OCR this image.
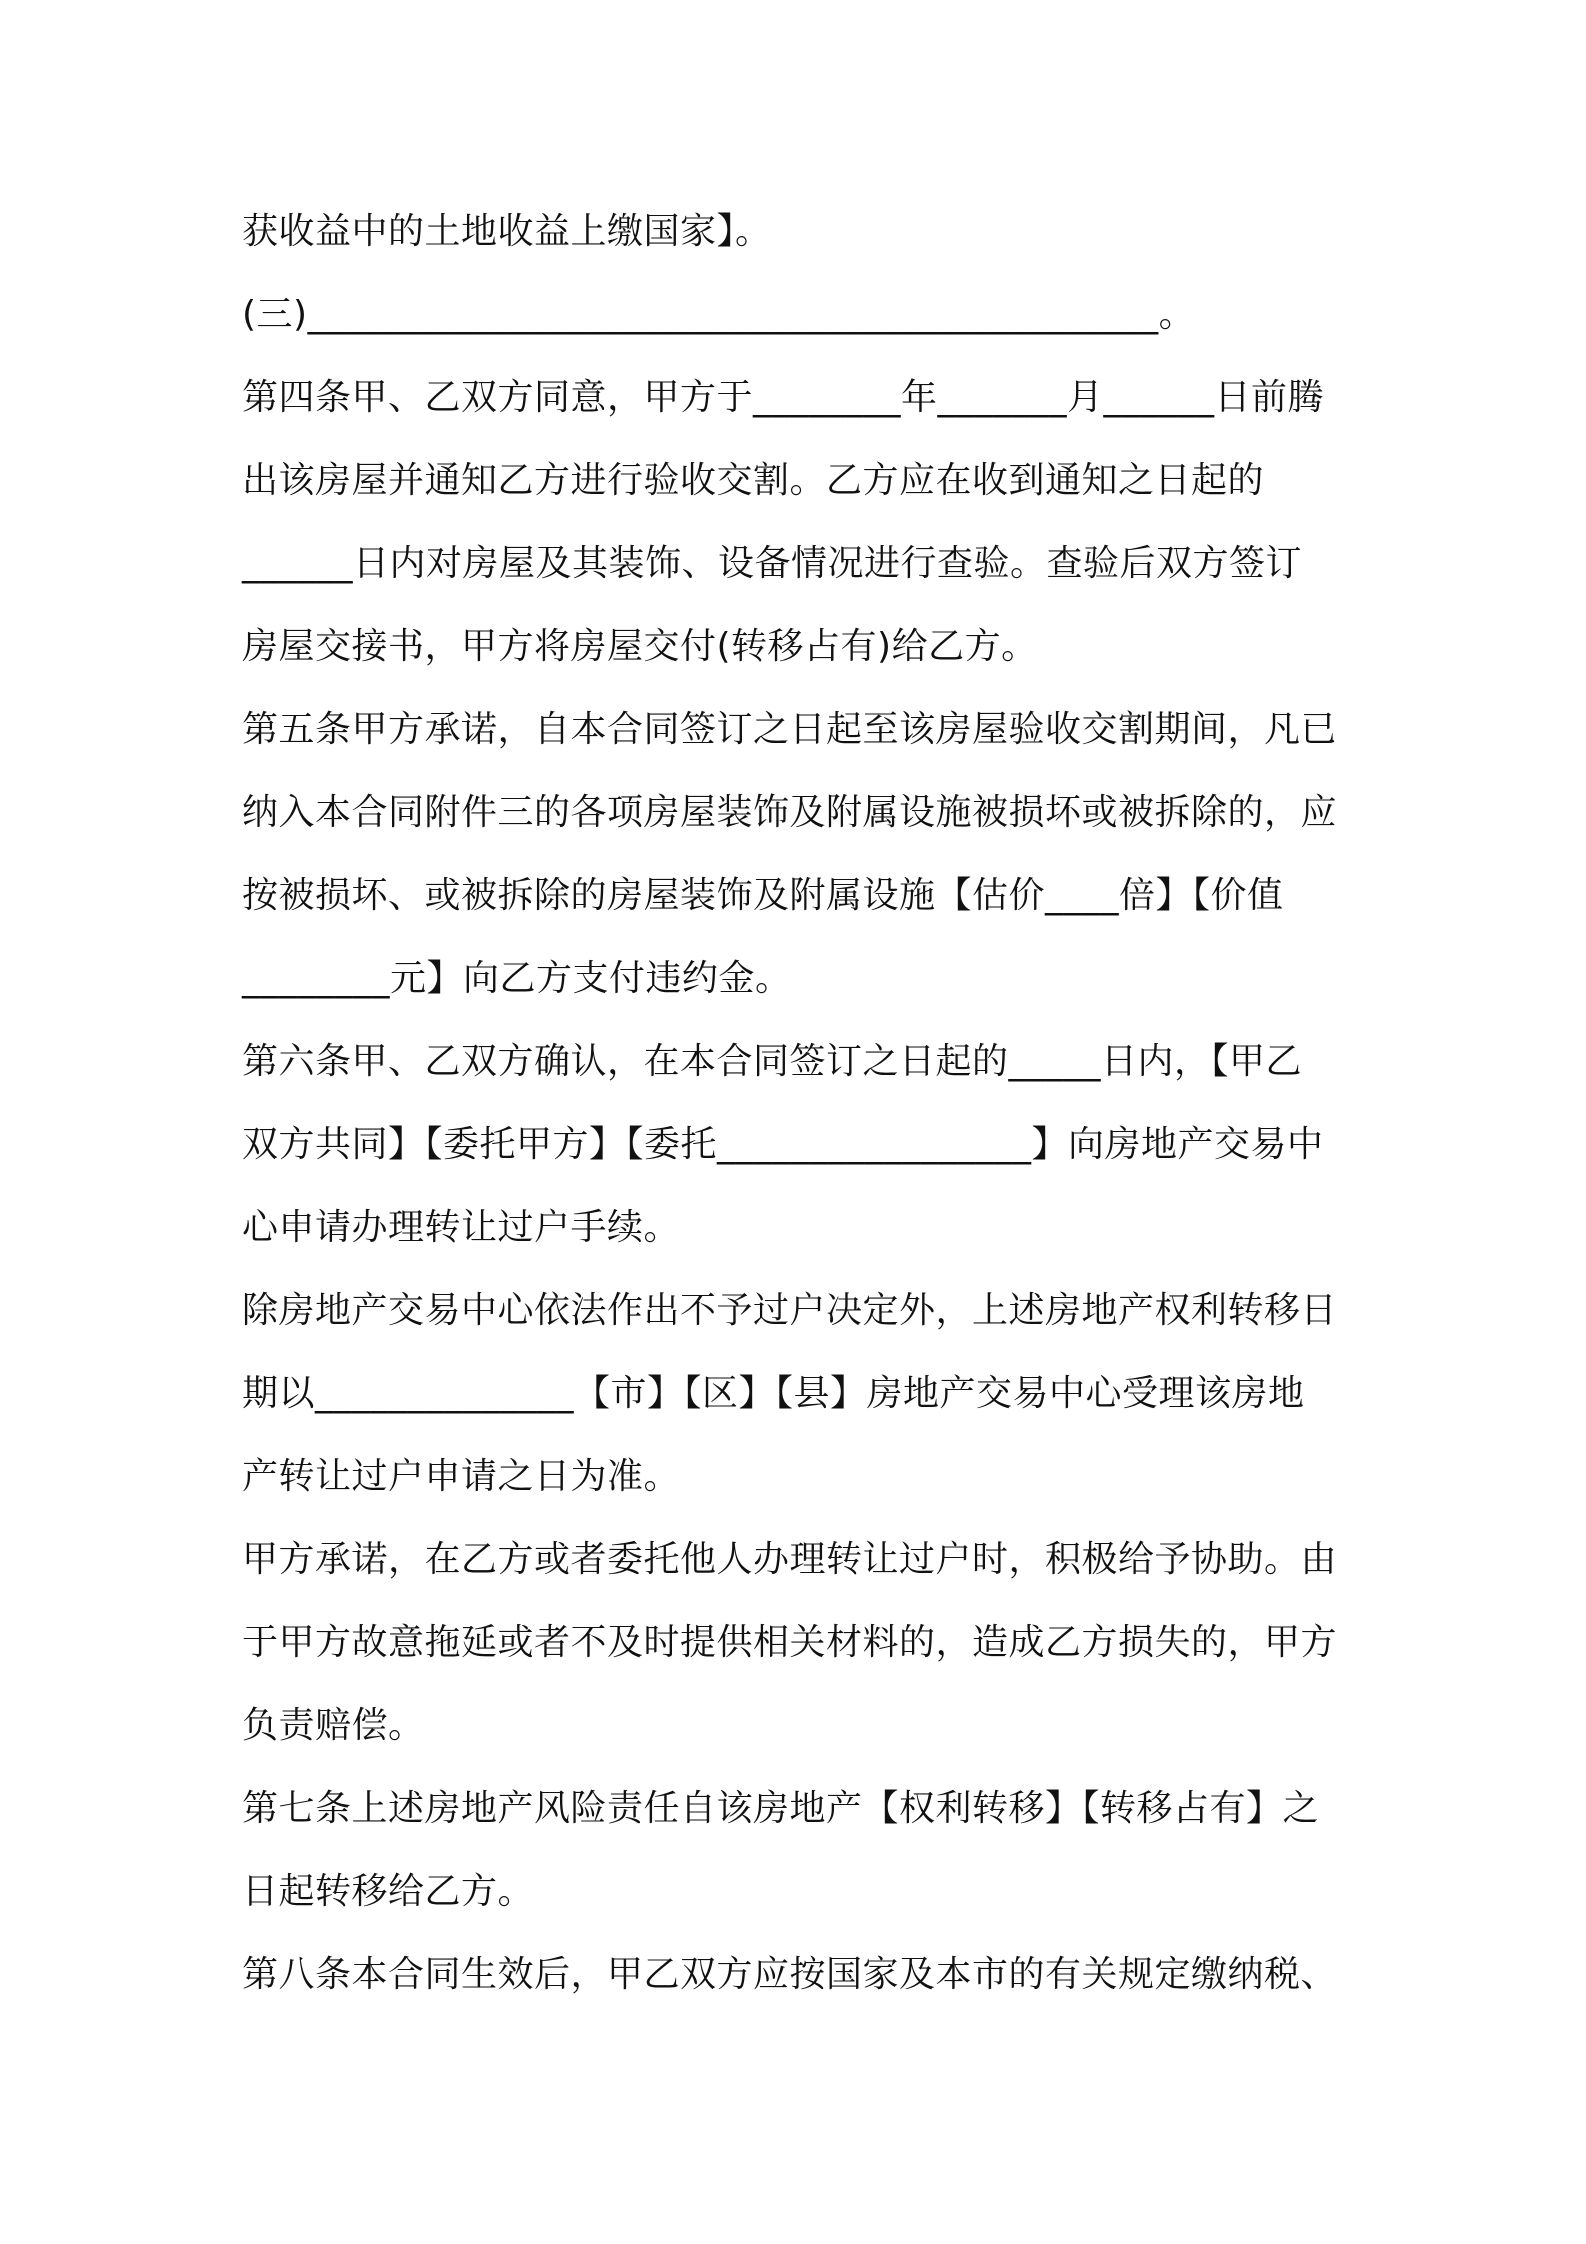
获收益中的土地收益上缴国家】。
(三)______________________________________________。
第四条甲、乙双方同意，甲方于________年_______月______日前腾
出该房屋并通知乙方进行验收交割。乙方应在收到通知之日起的
______日内对房屋及其装饰、设备情况进行查验。查验后双方签订
房屋交接书，甲方将房屋交付(转移占有)给乙方。
第五条甲方承诺，自本合同签订之日起至该房屋验收交割期间，凡已
纳入本合同附件三的各项房屋装饰及附属设施被损坏或被拆除的，应
按被损坏、或被拆除的房屋装饰及附属设施【估价____倍】【价值
________元】向乙方支付违约金。
第六条甲、乙双方确认，在本合同签订之日起的_____日内，【甲乙
双方共同】【委托甲方】【委托_________________】向房地产交易中
心申请办理转让过户手续。
除房地产交易中心依法作出不予过户决定外，上述房地产权利转移日
期以______________【市】【区】【县】房地产交易中心受理该房地
产转让过户申请之日为准。
甲方承诺，在乙方或者委托他人办理转让过户时，积极给予协助。由
于甲方故意拖延或者不及时提供相关材料的，造成乙方损失的，甲方
负责赔偿。
第七条上述房地产风险责任自该房地产【权利转移】【转移占有】之
日起转移给乙方。
第八条本合同生效后，甲乙双方应按国家及本市的有关规定缴纳税、
